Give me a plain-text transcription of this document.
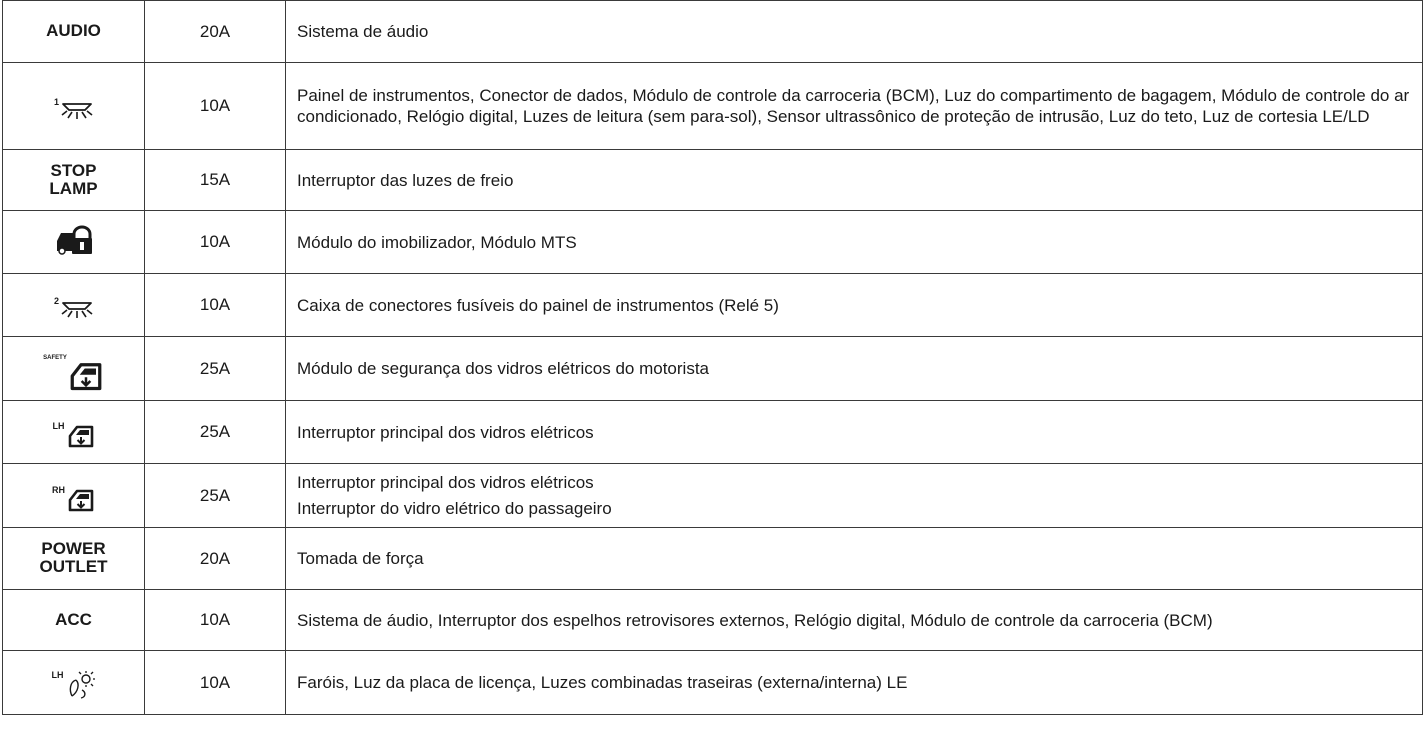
AUDIO	20A	Sistema de áudio

1	10A	Painel de instrumentos, Conector de dados, Módulo de controle da carroceria (BCM), Luz do compartimento de bagagem, Módulo de controle do ar condicionado, Relógio digital, Luzes de leitura (sem para-sol), Sensor ultrassônico de proteção de intrusão, Luz do teto, Luz de cortesia LE/LD

STOP
LAMP	15A	Interruptor das luzes de freio

	10A	Módulo do imobilizador, Módulo MTS

2	10A	Caixa de conectores fusíveis do painel de instrumentos (Relé 5)

SAFETY	25A	Módulo de segurança dos vidros elétricos do motorista

LH	25A	Interruptor principal dos vidros elétricos

RH	25A	Interruptor principal dos vidros elétricos
Interruptor do vidro elétrico do passageiro

POWER
OUTLET	20A	Tomada de força

ACC	10A	Sistema de áudio, Interruptor dos espelhos retrovisores externos, Relógio digital, Módulo de controle da carroceria (BCM)

LH	10A	Faróis, Luz da placa de licença, Luzes combinadas traseiras (externa/interna) LE
